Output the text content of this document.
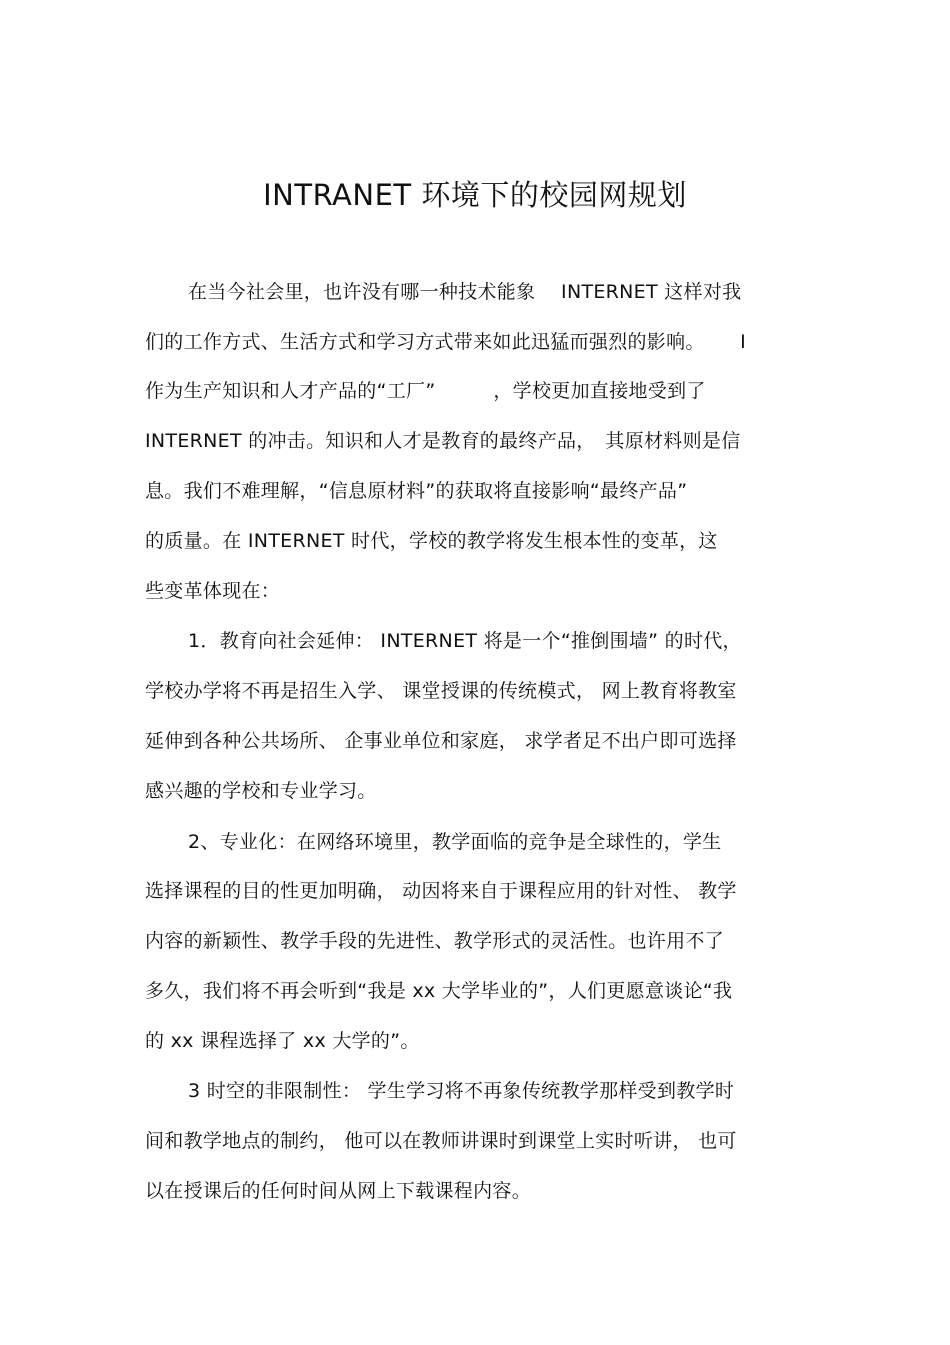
INTRANET 环境下的校园网规划
在当今社会里，也许没有哪一种技术能象　 INTERNET 这样对我
们的工作方式、生活方式和学习方式带来如此迅猛而强烈的影响。　　 I
作为生产知识和人才产品的“工厂”　　　，学校更加直接地受到了
INTERNET 的冲击。知识和人才是教育的最终产品，　其原材料则是信
息。我们不难理解，“信息原材料”的获取将直接影响“最终产品”
的质量。在 INTERNET 时代，学校的教学将发生根本性的变革，这
些变革体现在：
1．教育向社会延伸： INTERNET 将是一个“推倒围墙” 的时代，
学校办学将不再是招生入学、 课堂授课的传统模式， 网上教育将教室
延伸到各种公共场所、 企事业单位和家庭， 求学者足不出户即可选择
感兴趣的学校和专业学习。
2、专业化：在网络环境里，教学面临的竞争是全球性的，学生
选择课程的目的性更加明确， 动因将来自于课程应用的针对性、 教学
内容的新颖性、教学手段的先进性、教学形式的灵活性。也许用不了
多久，我们将不再会听到“我是 xx 大学毕业的”，人们更愿意谈论“我
的 xx 课程选择了 xx 大学的”。
3 时空的非限制性： 学生学习将不再象传统教学那样受到教学时
间和教学地点的制约， 他可以在教师讲课时到课堂上实时听讲， 也可
以在授课后的任何时间从网上下载课程内容。
